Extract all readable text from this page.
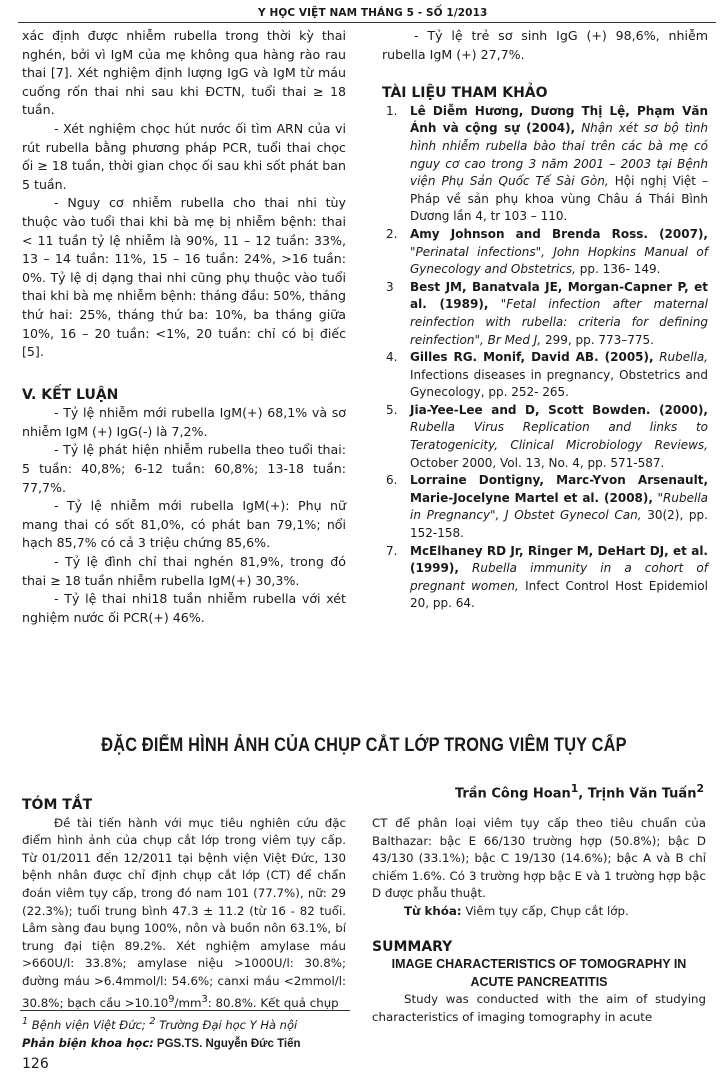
Y HỌC VIỆT NAM THÁNG 5 - SỐ 1/2013

xác định được nhiễm rubella trong thời kỳ thai nghén, bởi vì IgM của mẹ không qua hàng rào rau thai [7]. Xét nghiệm định lượng IgG và IgM từ máu cuống rốn thai nhi sau khi ĐCTN, tuổi thai ≥ 18 tuần.

- Xét nghiệm chọc hút nước ối tìm ARN của vi rút rubella bằng phương pháp PCR, tuổi thai chọc ối ≥ 18 tuần, thời gian chọc ối sau khi sốt phát ban 5 tuần.

- Nguy cơ nhiễm rubella cho thai nhi tùy thuộc vào tuổi thai khi bà mẹ bị nhiễm bệnh: thai < 11 tuần tỷ lệ nhiễm là 90%, 11 – 12 tuần: 33%, 13 – 14 tuần: 11%, 15 – 16 tuần: 24%, >16 tuần: 0%. Tỷ lệ dị dạng thai nhi cũng phụ thuộc vào tuổi thai khi bà mẹ nhiễm bệnh: tháng đầu: 50%, tháng thứ hai: 25%, tháng thứ ba: 10%, ba tháng giữa 10%, 16 – 20 tuần: <1%, 20 tuần: chỉ có bị điếc [5].

V. KẾT LUẬN

- Tỷ lệ nhiễm mới rubella IgM(+) 68,1% và sơ nhiễm IgM (+) IgG(-) là 7,2%.

- Tỷ lệ phát hiện nhiễm rubella theo tuổi thai: 5 tuần: 40,8%; 6-12 tuần: 60,8%; 13-18 tuần: 77,7%.

- Tỷ lệ nhiễm mới rubella IgM(+): Phụ nữ mang thai có sốt 81,0%, có phát ban 79,1%; nổi hạch 85,7% có cả 3 triệu chứng 85,6%.

- Tỷ lệ đình chỉ thai nghén 81,9%, trong đó thai ≥ 18 tuần nhiễm rubella IgM(+) 30,3%.

- Tỷ lệ thai nhi18 tuần nhiễm rubella với xét nghiệm nước ối PCR(+) 46%.

- Tỷ lệ trẻ sơ sinh IgG (+) 98,6%, nhiễm rubella IgM (+) 27,7%.

TÀI LIỆU THAM KHẢO

1. Lê Diễm Hương, Dương Thị Lệ, Phạm Văn Ánh và cộng sự (2004), Nhận xét sơ bộ tình hình nhiễm rubella bào thai trên các bà mẹ có nguy cơ cao trong 3 năm 2001 – 2003 tại Bệnh viện Phụ Sản Quốc Tế Sài Gòn, Hội nghị Việt – Pháp về sản phụ khoa vùng Châu á Thái Bình Dương lần 4, tr 103 – 110.
2. Amy Johnson and Brenda Ross. (2007), "Perinatal infections", John Hopkins Manual of Gynecology and Obstetrics, pp. 136- 149.
3 Best JM, Banatvala JE, Morgan-Capner P, et al. (1989), "Fetal infection after maternal reinfection with rubella: criteria for defining reinfection", Br Med J, 299, pp. 773–775.
4. Gilles RG. Monif, David AB. (2005), Rubella, Infections diseases in pregnancy, Obstetrics and Gynecology, pp. 252- 265.
5. Jia-Yee-Lee and D, Scott Bowden. (2000), Rubella Virus Replication and links to Teratogenicity, Clinical Microbiology Reviews, October 2000, Vol. 13, No. 4, pp. 571-587.
6. Lorraine Dontigny, Marc-Yvon Arsenault, Marie-Jocelyne Martel et al. (2008), "Rubella in Pregnancy", J Obstet Gynecol Can, 30(2), pp. 152-158.
7. McElhaney RD Jr, Ringer M, DeHart DJ, et al. (1999), Rubella immunity in a cohort of pregnant women, Infect Control Host Epidemiol 20, pp. 64.
ĐẶC ĐIỂM HÌNH ẢNH CỦA CHỤP CẮT LỚP TRONG VIÊM TỤY CẤP
Trần Công Hoan$^1$, Trịnh Văn Tuấn$^2$

TÓM TẮT

Đề tài tiến hành với mục tiêu nghiên cứu đặc điểm hình ảnh của chụp cắt lớp trong viêm tụy cấp. Từ 01/2011 đến 12/2011 tại bệnh viện Việt Đức, 130 bệnh nhân được chỉ định chụp cắt lớp (CT) để chẩn đoán viêm tụy cấp, trong đó nam 101 (77.7%), nữ: 29 (22.3%); tuổi trung bình 47.3 ± 11.2 (từ 16 - 82 tuổi. Lâm sàng đau bụng 100%, nôn và buồn nôn 63.1%, bí trung đại tiện 89.2%. Xét nghiệm amylase máu >660U/l: 33.8%; amylase niệu >1000U/l: 30.8%; đường máu >6.4mmol/l: 54.6%; canxi máu <2mmol/l: 30.8%; bạch cầu $>10.10^9/mm^3$: 80.8%. Kết quả chụp

$^1$ Bệnh viện Việt Đức; $^2$ Trường Đại học Y Hà nội
Phản biện khoa học: PGS.TS. Nguyễn Đức Tiến
126

CT để phân loại viêm tụy cấp theo tiêu chuẩn của Balthazar: bậc E 66/130 trường hợp (50.8%); bậc D 43/130 (33.1%); bậc C 19/130 (14.6%); bậc A và B chỉ chiếm 1.6%. Có 3 trường hợp bậc E và 1 trường hợp bậc D được phẫu thuật.

Từ khóa: Viêm tụy cấp, Chụp cắt lớp.

SUMMARY

IMAGE CHARACTERISTICS OF TOMOGRAPHY IN

ACUTE PANCREATITIS

Study was conducted with the aim of studying characteristics of imaging tomography in acute
